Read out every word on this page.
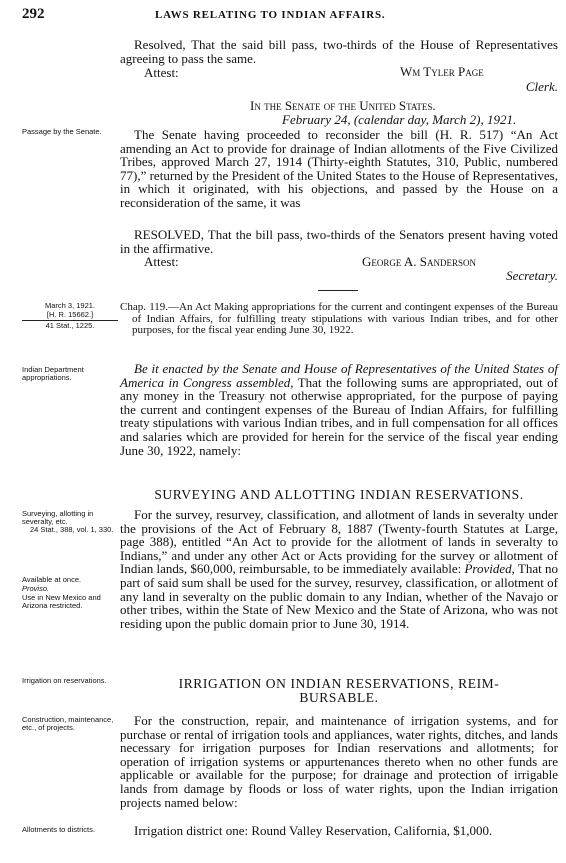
292	LAWS RELATING TO INDIAN AFFAIRS.
Resolved, That the said bill pass, two-thirds of the House of Representatives agreeing to pass the same.
Attest:	Wm Tyler Page
Clerk.
In the Senate of the United States.
February 24, (calendar day, March 2), 1921.
Passage by the Senate.	The Senate having proceeded to reconsider the bill (H. R. 517) “An Act amending an Act to provide for drainage of Indian allotments of the Five Civilized Tribes, approved March 27, 1914 (Thirty-eighth Statutes, 310, Public, numbered 77),” returned by the President of the United States to the House of Representatives, in which it originated, with his objections, and passed by the House on a reconsideration of the same, it was
RESOLVED, That the bill pass, two-thirds of the Senators present having voted in the affirmative.
Attest:	George A. Sanderson
Secretary.
March 3, 1921.
[H. R. 15662.]
41 Stat., 1225.
Chap. 119.—An Act Making appropriations for the current and contingent expenses of the Bureau of Indian Affairs, for fulfilling treaty stipulations with various Indian tribes, and for other purposes, for the fiscal year ending June 30, 1922.
Indian Department appropriations.
Be it enacted by the Senate and House of Representatives of the United States of America in Congress assembled, That the following sums are appropriated, out of any money in the Treasury not otherwise appropriated, for the purpose of paying the current and contingent expenses of the Bureau of Indian Affairs, for fulfilling treaty stipulations with various Indian tribes, and in full compensation for all offices and salaries which are provided for herein for the service of the fiscal year ending June 30, 1922, namely:
SURVEYING AND ALLOTTING INDIAN RESERVATIONS.
Surveying, allotting in severalty, etc.
24 Stat., 388, vol. 1, 330.
Available at once.
Proviso.
Use in New Mexico and Arizona restricted.
For the survey, resurvey, classification, and allotment of lands in severalty under the provisions of the Act of February 8, 1887 (Twenty-fourth Statutes at Large, page 388), entitled “An Act to provide for the allotment of lands in severalty to Indians,” and under any other Act or Acts providing for the survey or allotment of Indian lands, $60,000, reimbursable, to be immediately available: Provided, That no part of said sum shall be used for the survey, resurvey, classification, or allotment of any land in severalty on the public domain to any Indian, whether of the Navajo or other tribes, within the State of New Mexico and the State of Arizona, who was not residing upon the public domain prior to June 30, 1914.
Irrigation on reservations.	IRRIGATION ON INDIAN RESERVATIONS, REIM-
BURSABLE.
Construction, maintenance, etc., of projects.	For the construction, repair, and maintenance of irrigation systems, and for purchase or rental of irrigation tools and appliances, water rights, ditches, and lands necessary for irrigation purposes for Indian reservations and allotments; for operation of irrigation systems or appurtenances thereto when no other funds are applicable or available for the purpose; for drainage and protection of irrigable lands from damage by floods or loss of water rights, upon the Indian irrigation projects named below:
Allotments to districts.	Irrigation district one: Round Valley Reservation, California, $1,000.
